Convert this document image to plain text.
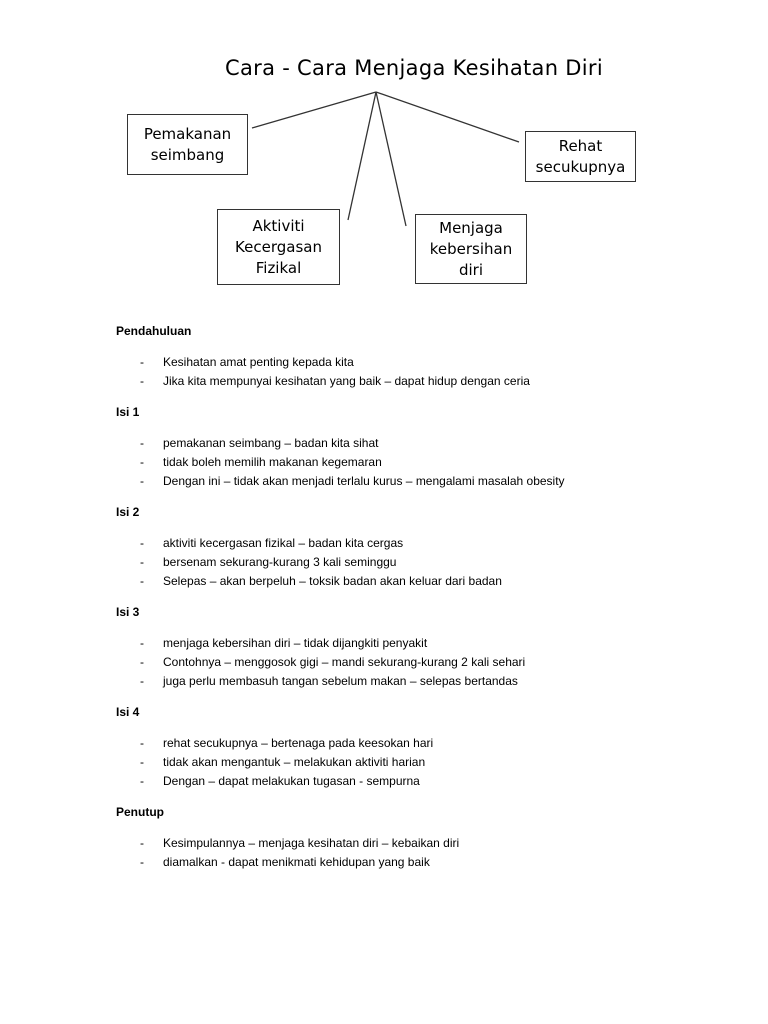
Cara - Cara Menjaga Kesihatan Diri
Pemakanan
seimbang	Rehat
secukupnya
Aktiviti
Kecergasan
Fizikal
Menjaga
kebersihan
diri
Pendahuluan
- Kesihatan amat penting kepada kita
- Jika kita mempunyai kesihatan yang baik – dapat hidup dengan ceria
Isi 1
- pemakanan seimbang – badan kita sihat
- tidak boleh memilih makanan kegemaran
- Dengan ini – tidak akan menjadi terlalu kurus – mengalami masalah obesity
Isi 2
- aktiviti kecergasan fizikal – badan kita cergas
- bersenam sekurang-kurang 3 kali seminggu
- Selepas – akan berpeluh – toksik badan akan keluar dari badan
Isi 3
- menjaga kebersihan diri – tidak dijangkiti penyakit
- Contohnya – menggosok gigi – mandi sekurang-kurang 2 kali sehari
- juga perlu membasuh tangan sebelum makan – selepas bertandas
Isi 4
- rehat secukupnya – bertenaga pada keesokan hari
- tidak akan mengantuk – melakukan aktiviti harian
- Dengan – dapat melakukan tugasan - sempurna
Penutup
- Kesimpulannya – menjaga kesihatan diri – kebaikan diri
- diamalkan - dapat menikmati kehidupan yang baik
